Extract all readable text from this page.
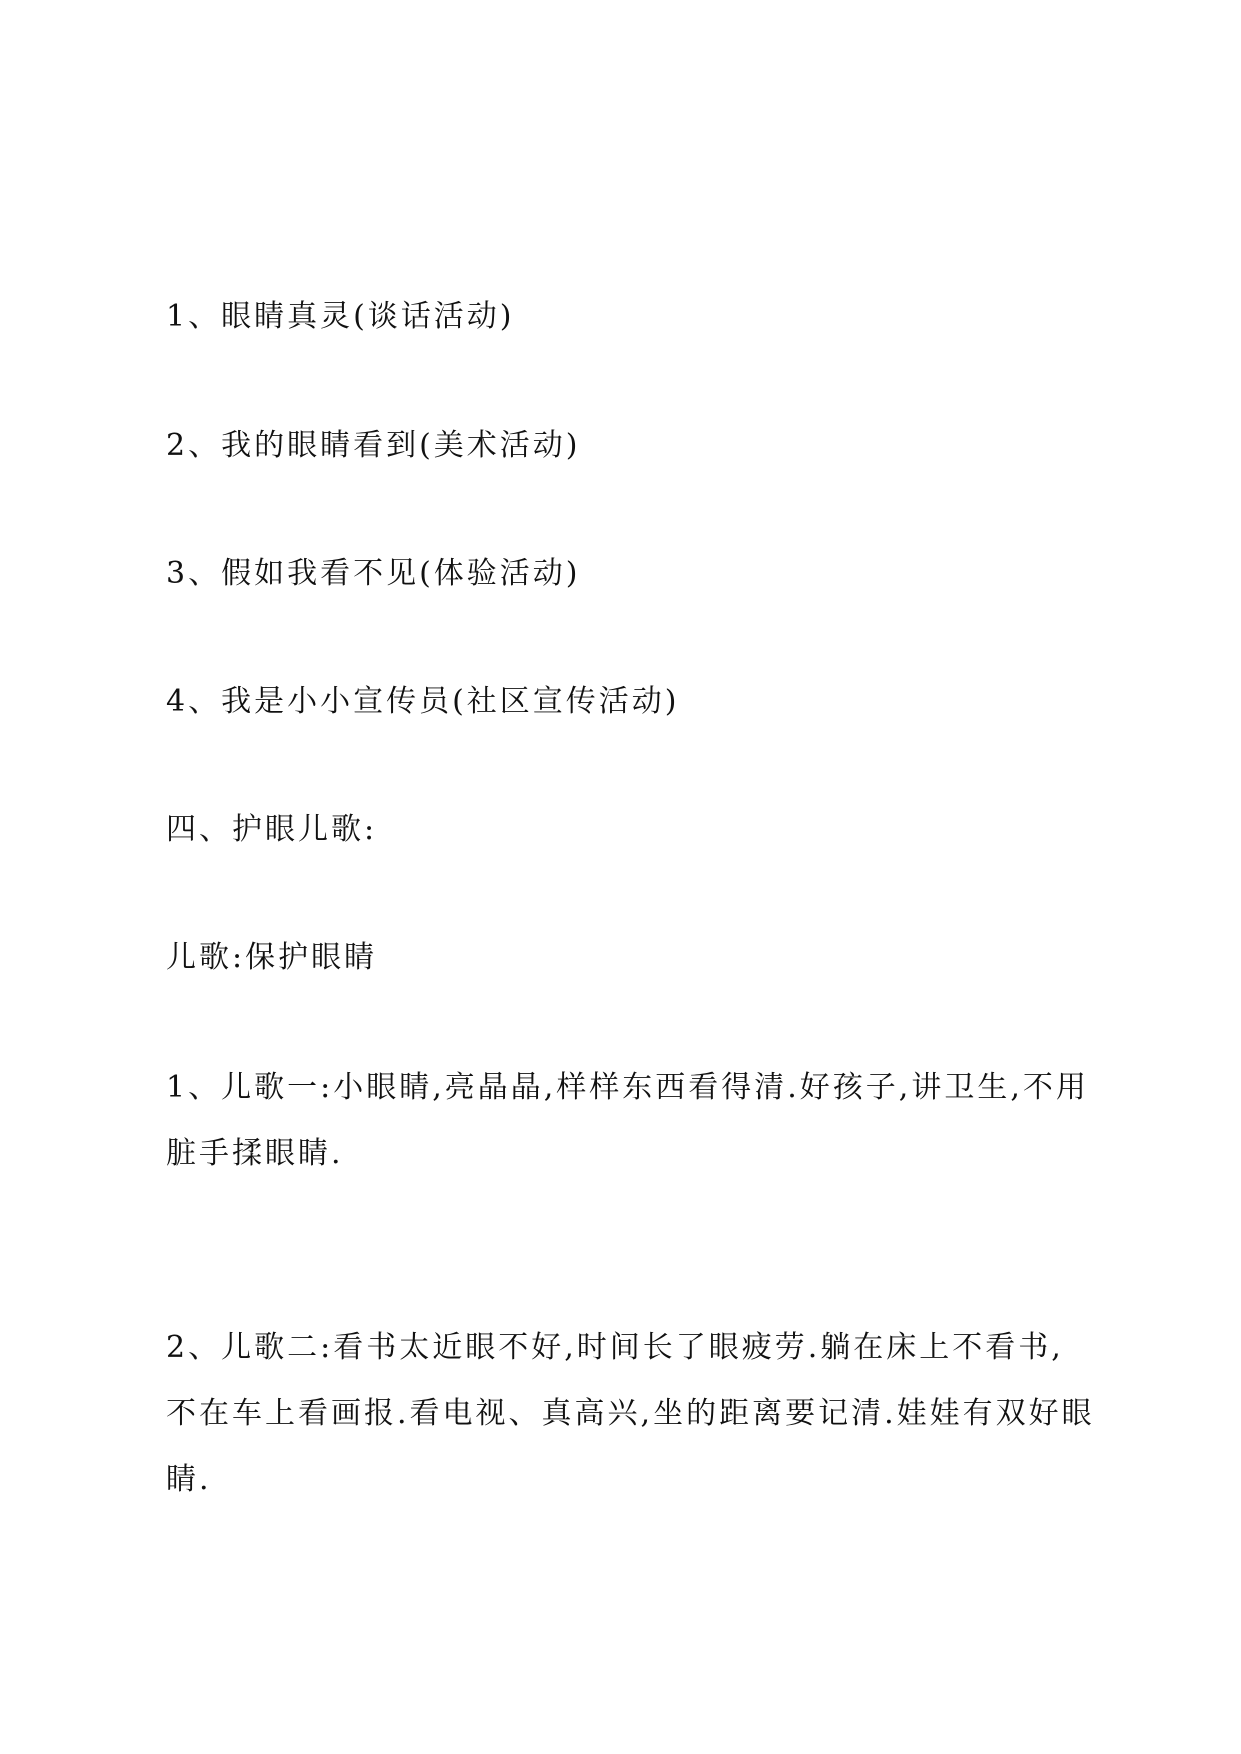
1、眼睛真灵(谈话活动)
2、我的眼睛看到(美术活动)
3、假如我看不见(体验活动)
4、我是小小宣传员(社区宣传活动)
四、护眼儿歌:
儿歌:保护眼睛
1、儿歌一:小眼睛,亮晶晶,样样东西看得清.好孩子,讲卫生,不用脏手揉眼睛.
2、儿歌二:看书太近眼不好,时间长了眼疲劳.躺在床上不看书,不在车上看画报.看电视、真高兴,坐的距离要记清.娃娃有双好眼睛.
